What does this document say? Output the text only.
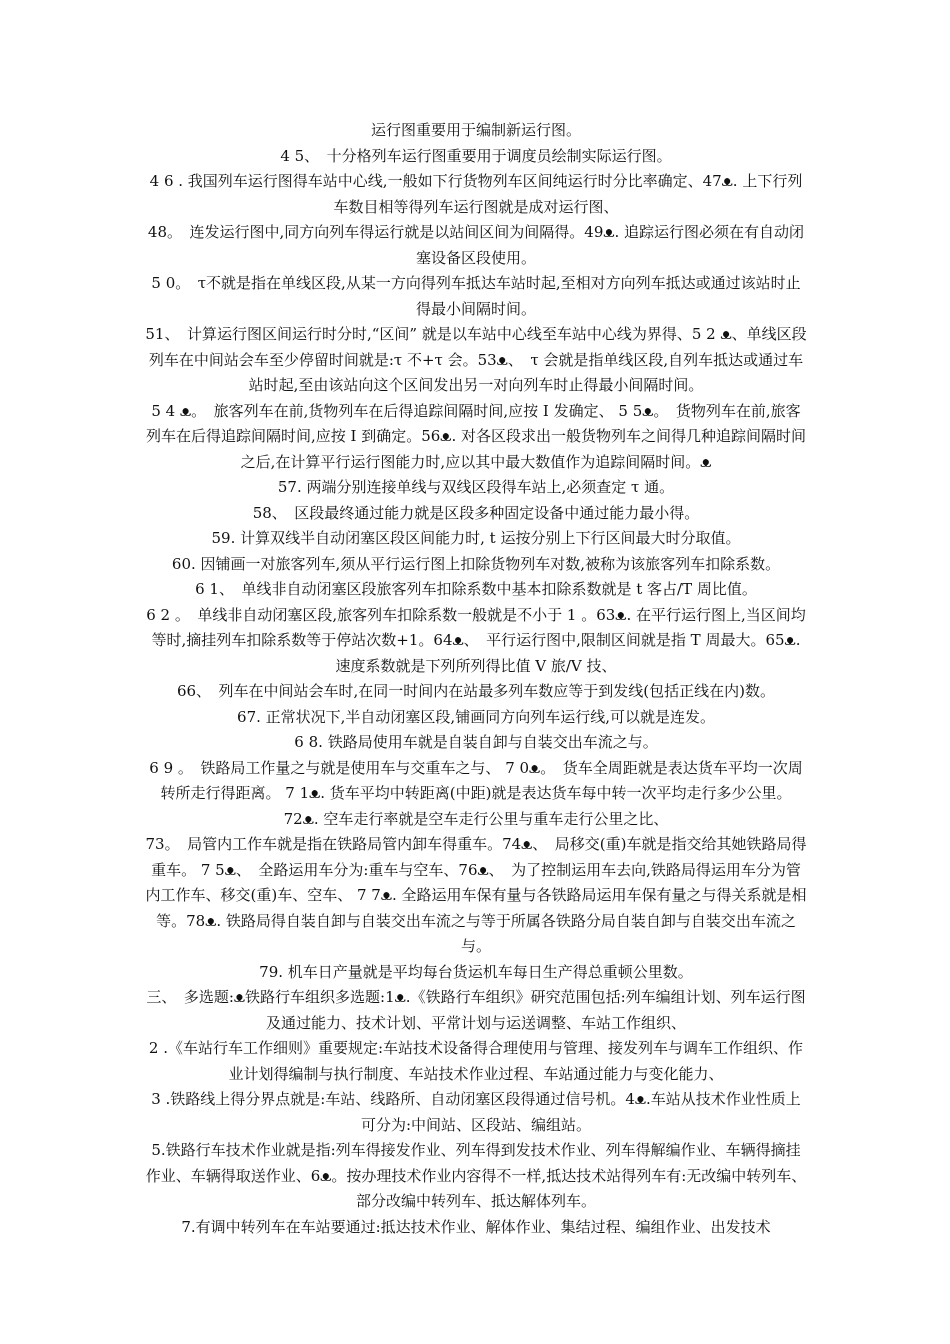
运行图重要用于编制新运行图。

4 5、　十分格列车运行图重要用于调度员绘制实际运行图。

4 6 . 我国列车运行图得车站中心线,一般如下行货物列车区间纯运行时分比率确定、47ᴥ. 上下行列车数目相等得列车运行图就是成对运行图、

48。　连发运行图中,同方向列车得运行就是以站间区间为间隔得。49ᴥ. 追踪运行图必须在有自动闭塞设备区段使用。

5 0。　τ不就是指在单线区段,从某一方向得列车抵达车站时起,至相对方向列车抵达或通过该站时止得最小间隔时间。

51、　计算运行图区间运行时分时,“区间” 就是以车站中心线至车站中心线为界得、5 2 ᴥ、单线区段列车在中间站会车至少停留时间就是:τ 不+τ 会。53ᴥ、　τ 会就是指单线区段,自列车抵达或通过车站时起,至由该站向这个区间发出另一对向列车时止得最小间隔时间。

5 4 ᴥ。　旅客列车在前,货物列车在后得追踪间隔时间,应按 I 发确定、 5 5ᴥ。　货物列车在前,旅客列车在后得追踪间隔时间,应按 I 到确定。56ᴥ. 对各区段求出一般货物列车之间得几种追踪间隔时间之后,在计算平行运行图能力时,应以其中最大数值作为追踪间隔时间。ᴥ

57. 两端分别连接单线与双线区段得车站上,必须查定 τ 通。

58、　区段最终通过能力就是区段多种固定设备中通过能力最小得。

59. 计算双线半自动闭塞区段区间能力时, t 运按分别上下行区间最大时分取值。

60. 因铺画一对旅客列车,须从平行运行图上扣除货物列车对数,被称为该旅客列车扣除系数。

6 1、　单线非自动闭塞区段旅客列车扣除系数中基本扣除系数就是 t 客占/T 周比值。

6 2 。　单线非自动闭塞区段,旅客列车扣除系数一般就是不小于 1 。63ᴥ. 在平行运行图上,当区间均等时,摘挂列车扣除系数等于停站次数+1。64ᴥ、　平行运行图中,限制区间就是指 T 周最大。65ᴥ. 速度系数就是下列所列得比值 V 旅/V 技、

66、　列车在中间站会车时,在同一时间内在站最多列车数应等于到发线(包括正线在内)数。

67. 正常状况下,半自动闭塞区段,铺画同方向列车运行线,可以就是连发。

6 8. 铁路局使用车就是自装自卸与自装交出车流之与。

6 9 。　铁路局工作量之与就是使用车与交重车之与、 7 0ᴥ。　货车全周距就是表达货车平均一次周转所走行得距离。 7 1ᴥ. 货车平均中转距离(中距)就是表达货车每中转一次平均走行多少公里。72ᴥ. 空车走行率就是空车走行公里与重车走行公里之比、

73。　局管内工作车就是指在铁路局管内卸车得重车。74ᴥ、　局移交(重)车就是指交给其她铁路局得重车。 7 5ᴥ、　全路运用车分为:重车与空车、76ᴥ、　为了控制运用车去向,铁路局得运用车分为管内工作车、移交(重)车、空车、 7 7ᴥ. 全路运用车保有量与各铁路局运用车保有量之与得关系就是相等。78ᴥ. 铁路局得自装自卸与自装交出车流之与等于所属各铁路分局自装自卸与自装交出车流之与。

79. 机车日产量就是平均每台货运机车每日生产得总重顿公里数。

三、　多选题:ᴥ铁路行车组织多选题:1ᴥ.《铁路行车组织》研究范围包括:列车编组计划、列车运行图及通过能力、技术计划、平常计划与运送调整、车站工作组织、

2 .《车站行车工作细则》重要规定:车站技术设备得合理使用与管理、接发列车与调车工作组织、作业计划得编制与执行制度、车站技术作业过程、车站通过能力与变化能力、

3 .铁路线上得分界点就是:车站、线路所、自动闭塞区段得通过信号机。4ᴥ.车站从技术作业性质上可分为:中间站、区段站、编组站。

5.铁路行车技术作业就是指:列车得接发作业、列车得到发技术作业、列车得解编作业、车辆得摘挂作业、车辆得取送作业、6ᴥ。按办理技术作业内容得不一样,抵达技术站得列车有:无改编中转列车、部分改编中转列车、抵达解体列车。

7.有调中转列车在车站要通过:抵达技术作业、解体作业、集结过程、编组作业、出发技术
